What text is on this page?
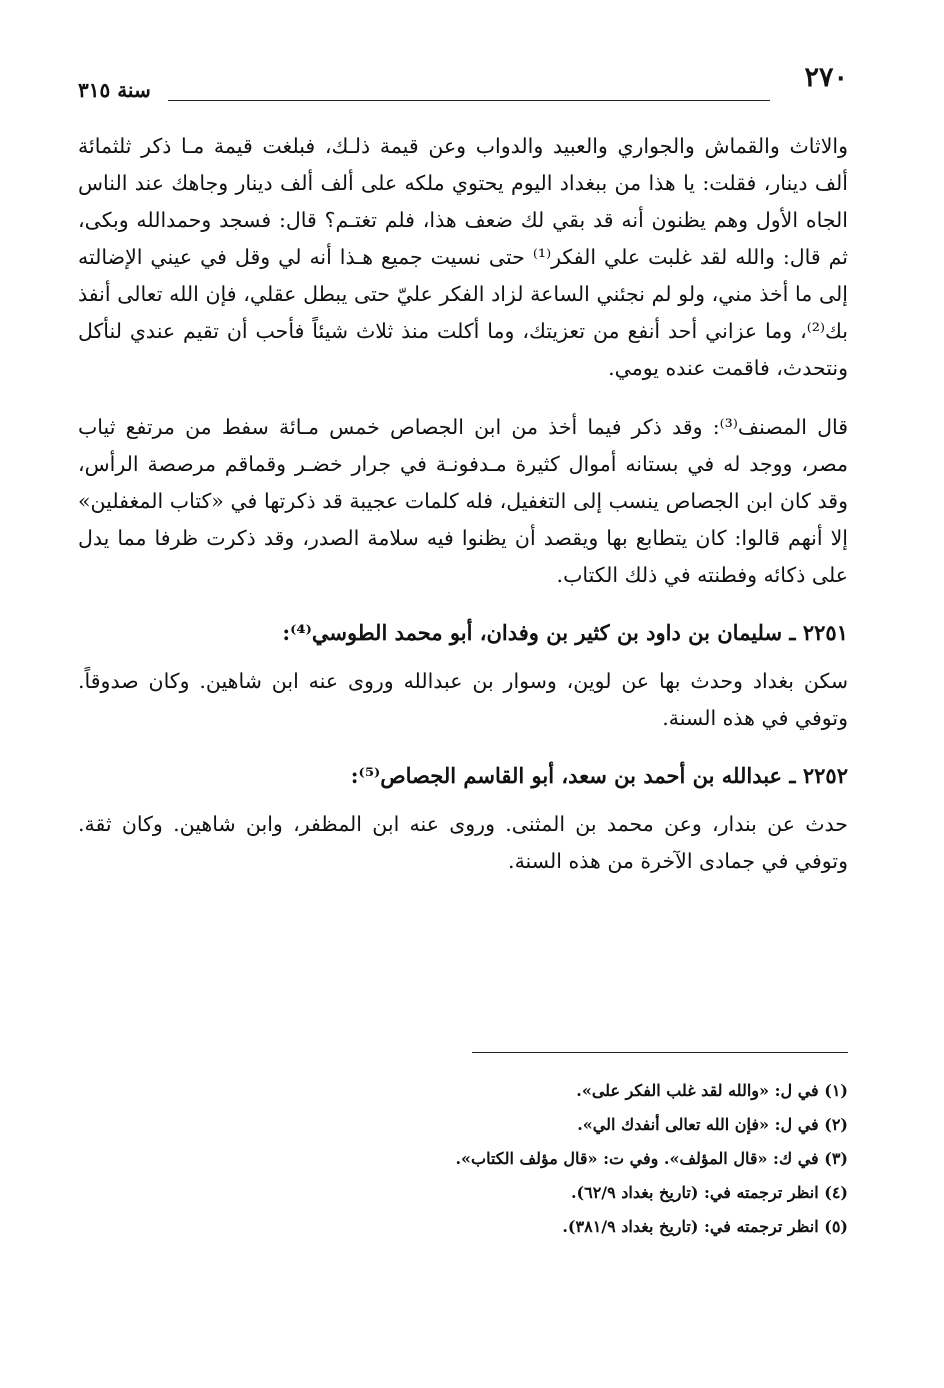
٢٧٠
سنة ٣١٥

والاثاث والقماش والجواري والعبيد والدواب وعن قيمة ذلـك، فبلغت قيمة مـا ذكر ثلثمائة ألف دينار، فقلت: يا هذا من ببغداد اليوم يحتوي ملكه على ألف ألف دينار وجاهك عند الناس الجاه الأول وهم يظنون أنه قد بقي لك ضعف هذا، فلم تغتـم؟ قال: فسجد وحمدالله وبكى، ثم قال: والله لقد غلبت علي الفكر⁽¹⁾ حتى نسيت جميع هـذا أنه لي وقل في عيني الإضالته إلى ما أخذ مني، ولو لم نجئني الساعة لزاد الفكر عليّ حتى يبطل عقلي، فإن الله تعالى أنفذ بك⁽²⁾، وما عزاني أحد أنفع من تعزيتك، وما أكلت منذ ثلاث شيئاً فأحب أن تقيم عندي لنأكل ونتحدث، فاقمت عنده يومي.

قال المصنف⁽³⁾: وقد ذكر فيما أخذ من ابن الجصاص خمس مـائة سفط من مرتفع ثياب مصر، ووجد له في بستانه أموال كثيرة مـدفونـة في جرار خضـر وقماقم مرصصة الرأس، وقد كان ابن الجصاص ينسب إلى التغفيل، فله كلمات عجيبة قد ذكرتها في «كتاب المغفلين» إلا أنهم قالوا: كان يتطابع بها ويقصد أن يظنوا فيه سلامة الصدر، وقد ذكرت ظرفا مما يدل على ذكائه وفطنته في ذلك الكتاب.

٢٢٥١ ـ سليمان بن داود بن كثير بن وفدان، أبو محمد الطوسي⁽⁴⁾:

سكن بغداد وحدث بها عن لوين، وسوار بن عبدالله وروى عنه ابن شاهين. وكان صدوقاً. وتوفي في هذه السنة.

٢٢٥٢ ـ عبدالله بن أحمد بن سعد، أبو القاسم الجصاص⁽⁵⁾:

حدث عن بندار، وعن محمد بن المثنى. وروى عنه ابن المظفر، وابن شاهين. وكان ثقة. وتوفي في جمادى الآخرة من هذه السنة.

(١) في ل: «والله لقد غلب الفكر على».

(٢) في ل: «فإن الله تعالى أنفدك الي».

(٣) في ك: «قال المؤلف». وفي ت: «قال مؤلف الكتاب».

(٤) انظر ترجمته في: (تاريخ بغداد ٦٢/٩).

(٥) انظر ترجمته في: (تاريخ بغداد ٣٨١/٩).
